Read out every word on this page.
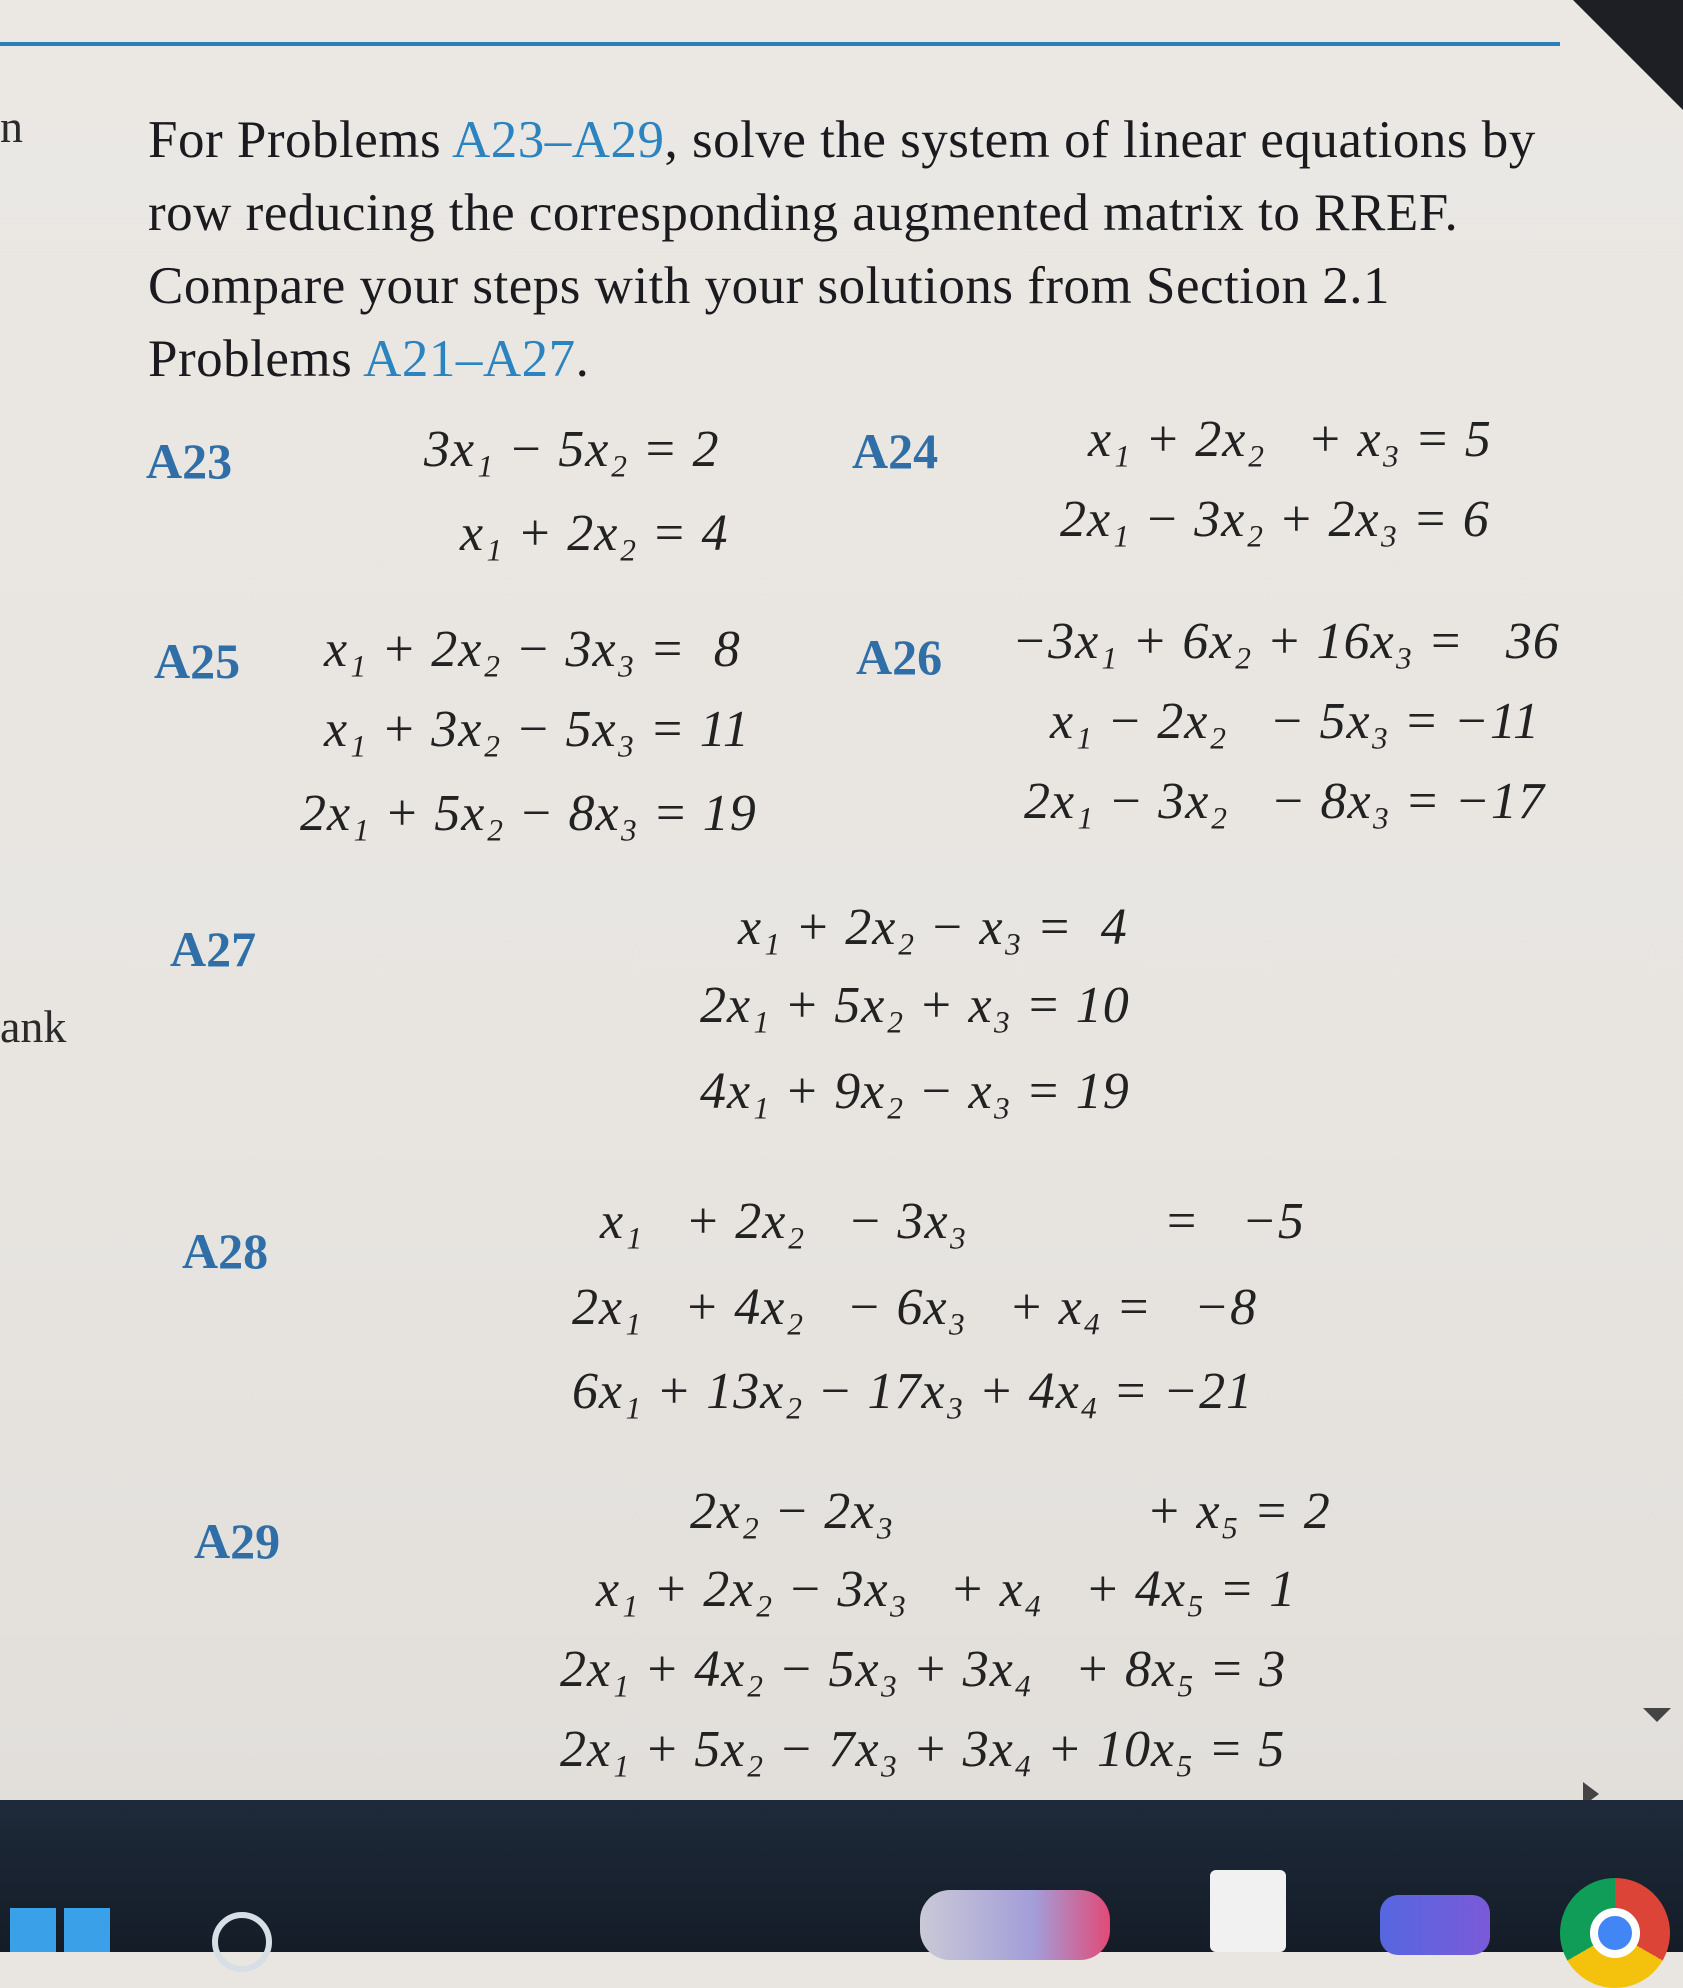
n
ank
For Problems A23–A29, solve the system of linear equations by row reducing the corresponding augmented matrix to RREF. Compare your steps with your solutions from Section 2.1 Problems A21–A27.
A23	3x₁ − 5x₂ = 2
x₁ + 2x₂ = 4
A24	x₁ + 2x₂   + x₃ = 5
2x₁ − 3x₂ + 2x₃ = 6
A25 x₁ + 2x₂ − 3x₃ =  8
x₁ + 3x₂ − 5x₃ = 11
2x₁ + 5x₂ − 8x₃ = 19
A26 −3x₁ + 6x₂ + 16x₃ =   36
x₁ − 2x₂   − 5x₃ = −11
2x₁ − 3x₂   − 8x₃ = −17
A27	x₁ + 2x₂ − x₃ =  4
2x₁ + 5x₂ + x₃ = 10
4x₁ + 9x₂ − x₃ = 19
A28
x₁   + 2x₂   − 3x₃              =   −5
2x₁   + 4x₂   − 6x₃   + x₄ =   −8
6x₁ + 13x₂ − 17x₃ + 4x₄ = −21
A29
2x₂ − 2x₃                  + x₅ = 2
x₁ + 2x₂ − 3x₃   + x₄   + 4x₅ = 1
2x₁ + 4x₂ − 5x₃ + 3x₄   + 8x₅ = 3
2x₁ + 5x₂ − 7x₃ + 3x₄ + 10x₅ = 5
